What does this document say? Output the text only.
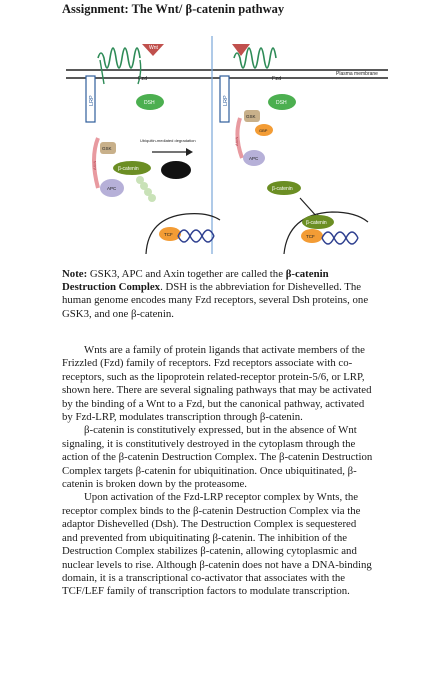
Assignment: The Wnt/ β-catenin pathway
Plasma membrane
LRP
Fzd
Wnt
DSH
GSK
AXIN	β-catenin
APC
Ubiquitin-mediated degradation
TCF
LRP
Fzd
DSH
GSK
AXIN
GBP
APC
β-catenin
β-catenin
TCF
Note: GSK3, APC and Axin together are called the β-catenin Destruction Complex. DSH is the abbreviation for Dishevelled. The human genome encodes many Fzd receptors, several Dsh proteins, one GSK3, and one β-catenin.

Wnts are a family of protein ligands that activate members of the Frizzled (Fzd) family of receptors. Fzd receptors associate with co-receptors, such as the lipoprotein related-receptor protein-5/6, or LRP, shown here. There are several signaling pathways that may be activated by the binding of a Wnt to a Fzd, but the canonical pathway, activated by Fzd-LRP, modulates transcription through β-catenin.

β-catenin is constitutively expressed, but in the absence of Wnt signaling, it is constitutively destroyed in the cytoplasm through the action of the β-catenin Destruction Complex. The β-catenin Destruction Complex targets β-catenin for ubiquitination. Once ubiquitinated, β-catenin is broken down by the proteasome.

Upon activation of the Fzd-LRP receptor complex by Wnts, the receptor complex binds to the β-catenin Destruction Complex via the adaptor Dishevelled (Dsh). The Destruction Complex is sequestered and prevented from ubiquitinating β-catenin. The inhibition of the Destruction Complex stabilizes β-catenin, allowing cytoplasmic and nuclear levels to rise. Although β-catenin does not have a DNA-binding domain, it is a transcriptional co-activator that associates with the TCF/LEF family of transcription factors to modulate transcription.
